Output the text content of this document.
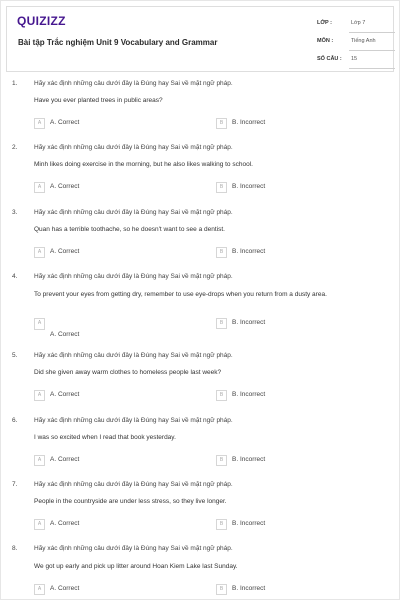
QUIZIZZ
Bài tập Trắc nghiệm Unit 9 Vocabulary and Grammar
LỚP :	Lớp 7
MÔN :	Tiếng Anh
SỐ CÂU : 15
1.	Hãy xác định những câu dưới đây là Đúng hay Sai về mặt ngữ pháp.
Have you ever planted trees in public areas?
A	A. Correct	B	B. Incorrect
2.	Hãy xác định những câu dưới đây là Đúng hay Sai về mặt ngữ pháp.
Minh likes doing exercise in the morning, but he also likes walking to school.
A	A. Correct	B	B. Incorrect
3.	Hãy xác định những câu dưới đây là Đúng hay Sai về mặt ngữ pháp.
Quan has a terrible toothache, so he doesn't want to see a dentist.
A	A. Correct	B	B. Incorrect
4.	Hãy xác định những câu dưới đây là Đúng hay Sai về mặt ngữ pháp.
To prevent your eyes from getting dry, remember to use eye-drops when you return from a dusty area.
A
A. Correct
B	B. Incorrect
5.	Hãy xác định những câu dưới đây là Đúng hay Sai về mặt ngữ pháp.
Did she given away warm clothes to homeless people last week?
A	A. Correct	B	B. Incorrect
6.	Hãy xác định những câu dưới đây là Đúng hay Sai về mặt ngữ pháp.
I was so excited when I read that book yesterday.
A	A. Correct	B	B. Incorrect
7.	Hãy xác định những câu dưới đây là Đúng hay Sai về mặt ngữ pháp.
People in the countryside are under less stress, so they live longer.
A	A. Correct	B	B. Incorrect
8.	Hãy xác định những câu dưới đây là Đúng hay Sai về mặt ngữ pháp.
We got up early and pick up litter around Hoan Kiem Lake last Sunday.
A	A. Correct	B	B. Incorrect
